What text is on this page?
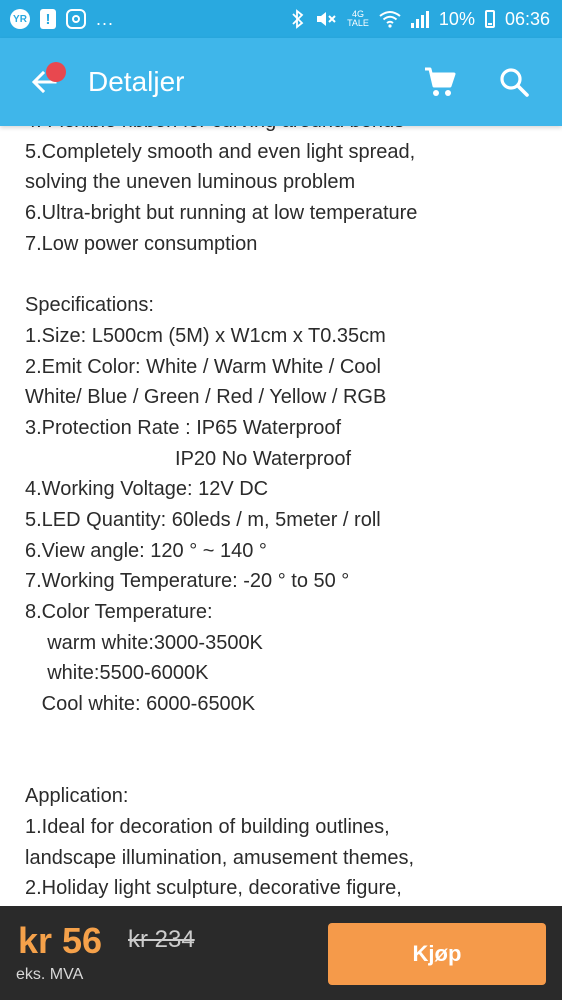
YR	!	...	4G
TALE	10% 06:36
Detaljer
5.Completely smooth and even light spread,
solving the uneven luminous problem
6.Ultra-bright but running at low temperature
7.Low power consumption
Specifications:
1.Size: L500cm (5M) x W1cm x T0.35cm
2.Emit Color: White / Warm White / Cool
White/ Blue / Green / Red / Yellow / RGB
3.Protection Rate : IP65 Waterproof
IP20 No Waterproof
4.Working Voltage: 12V DC
5.LED Quantity: 60leds / m, 5meter / roll
6.View angle: 120 ° ~ 140 °
7.Working Temperature: -20 ° to 50 °
8.Color Temperature:
warm white:3000-3500K
white:5500-6000K
Cool white: 6000-6500K
Application:
1.Ideal for decoration of building outlines,
landscape illumination, amusement themes,
2.Holiday light sculpture, decorative figure,
kr 56 kr 234
eks. MVA
Kjøp
